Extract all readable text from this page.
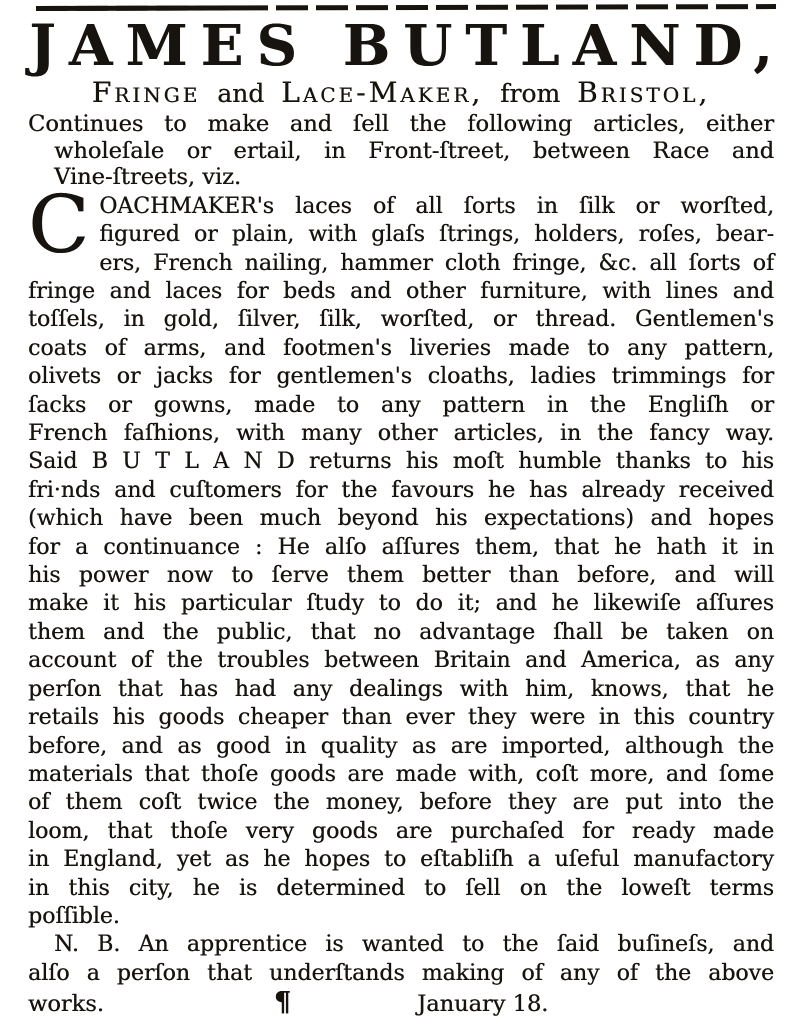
JAMES BUTLAND,
Fringe and Lace-Maker, from Bristol,
Continues to make and ſell the following articles, either
wholeſale or ertail, in Front-ſtreet, between Race and
Vine-ſtreets, viz.
C OACHMAKER's laces of all ſorts in ſilk or worſted,
figured or plain, with glaſs ſtrings, holders, roſes, bear-
ers, French nailing, hammer cloth fringe, &c. all ſorts of
fringe and laces for beds and other furniture, with lines and
toſſels, in gold, ſilver, ſilk, worſted, or thread. Gentlemen's
coats of arms, and footmen's liveries made to any pattern,
olivets or jacks for gentlemen's cloaths, ladies trimmings for
ſacks or gowns, made to any pattern in the Engliſh or
French faſhions, with many other articles, in the fancy way.
Said B U T L A N D returns his moſt humble thanks to his
fri·nds and cuſtomers for the favours he has already received
(which have been much beyond his expectations) and hopes
for a continuance : He alſo aſſures them, that he hath it in
his power now to ſerve them better than before, and will
make it his particular ſtudy to do it; and he likewiſe aſſures
them and the public, that no advantage ſhall be taken on
account of the troubles between Britain and America, as any
perſon that has had any dealings with him, knows, that he
retails his goods cheaper than ever they were in this country
before, and as good in quality as are imported, although the
materials that thoſe goods are made with, coſt more, and ſome
of them coſt twice the money, before they are put into the
loom, that thoſe very goods are purchaſed for ready made
in England, yet as he hopes to eſtabliſh a uſeful manufactory
in this city, he is determined to ſell on the loweſt terms
poſſible.
N. B. An apprentice is wanted to the ſaid buſineſs, and
alſo a perſon that underſtands making of any of the above
works.	¶	January 18.
